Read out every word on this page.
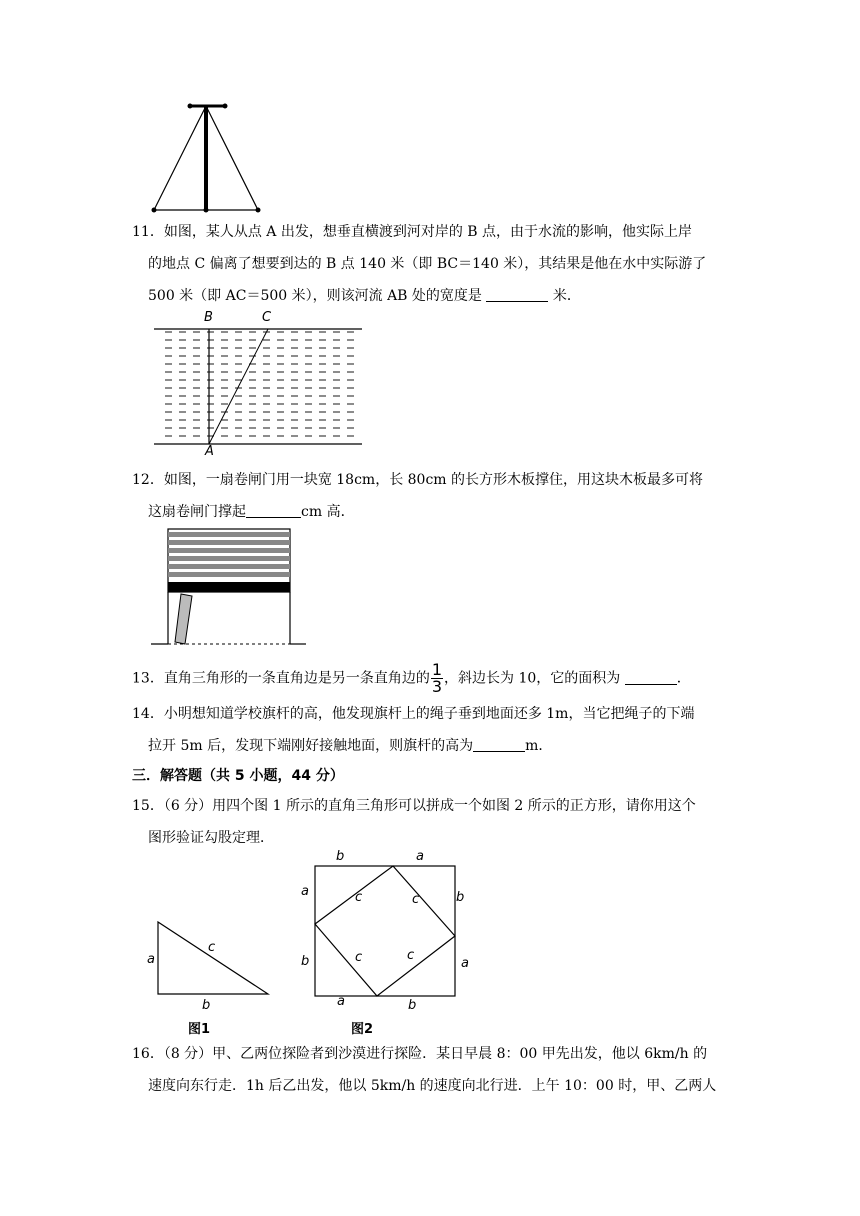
11．如图，某人从点 A 出发，想垂直横渡到河对岸的 B 点，由于水流的影响，他实际上岸
的地点 C 偏离了想要到达的 B 点 140 米（即 BC＝140 米），其结果是他在水中实际游了
500 米（即 AC＝500 米），则该河流 AB 处的宽度是	米．
B	C
A
12．如图，一扇卷闸门用一块宽 18cm，长 80cm 的长方形木板撑住，用这块木板最多可将
这扇卷闸门撑起	cm 高．
13．直角三角形的一条直角边是另一条直角边的 $\frac{1}{3}$ ，斜边长为 10，它的面积为	．
14．小明想知道学校旗杆的高，他发现旗杆上的绳子垂到地面还多 1m，当它把绳子的下端
拉开 5m 后，发现下端刚好接触地面，则旗杆的高为	m．
三．解答题（共 5 小题，44 分）
15．（6 分）用四个图 1 所示的直角三角形可以拼成一个如图 2 所示的正方形，请你用这个
图形验证勾股定理．
a
c
b
图1
b	a
a
b
b
a
a	b
c	c
c	c
图2
16．（8 分）甲、乙两位探险者到沙漠进行探险．某日早晨 8：00 甲先出发，他以 6km/h 的
速度向东行走．1h 后乙出发，他以 5km/h 的速度向北行进．上午 10：00 时，甲、乙两人
